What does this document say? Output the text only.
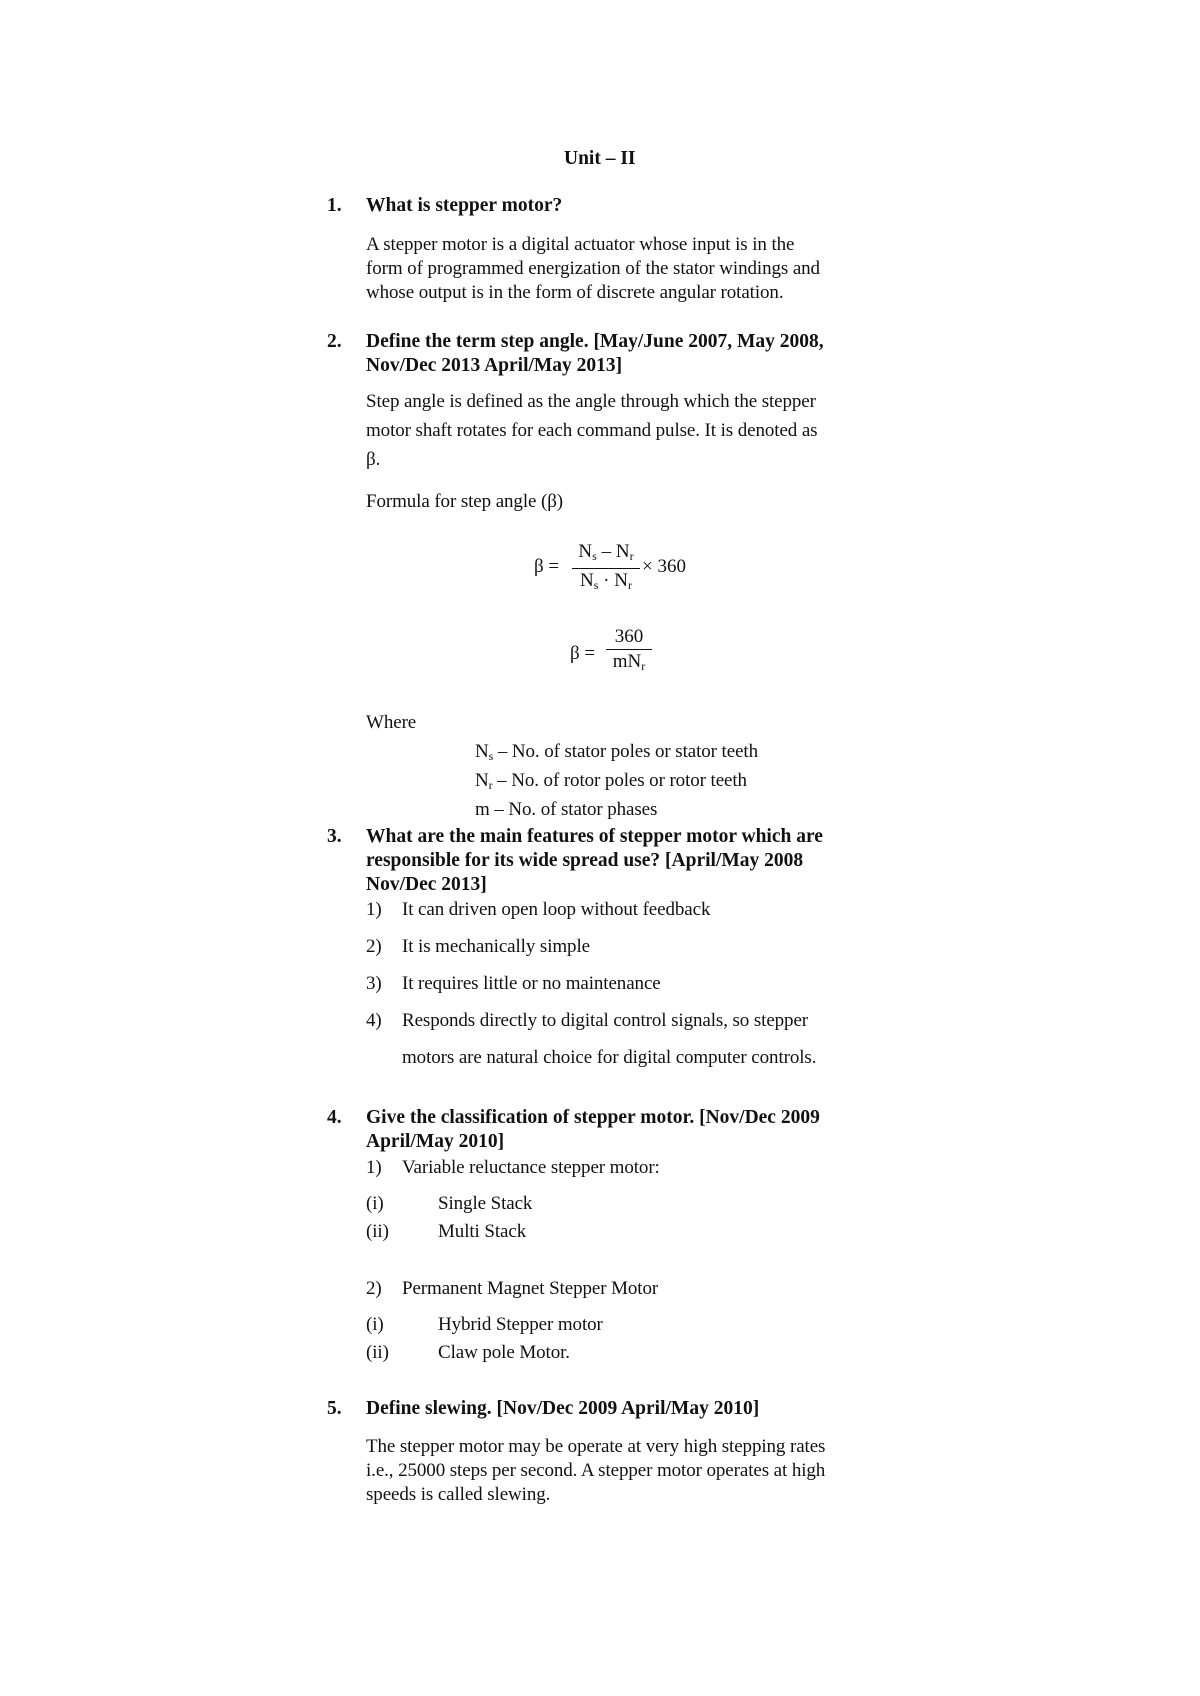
Unit – II
1. What is stepper motor?
A stepper motor is a digital actuator whose input is in the
form of programmed energization of the stator windings and
whose output is in the form of discrete angular rotation.
2. Define the term step angle. [May/June 2007, May 2008,
Nov/Dec 2013 April/May 2013]
Step angle is defined as the angle through which the stepper
motor shaft rotates for each command pulse. It is denoted as
β.
Formula for step angle (β)
β =
$N_s - N_r$
$N_s \cdot N_r$
× 360
β =
360
$mN_r$
Where
$N_s$ – No. of stator poles or stator teeth
$N_r$ – No. of rotor poles or rotor teeth
m – No. of stator phases
3. What are the main features of stepper motor which are
responsible for its wide spread use? [April/May 2008
Nov/Dec 2013]
1) It can driven open loop without feedback
2) It is mechanically simple
3) It requires little or no maintenance
4) Responds directly to digital control signals, so stepper
motors are natural choice for digital computer controls.
4. Give the classification of stepper motor. [Nov/Dec 2009
April/May 2010]
1) Variable reluctance stepper motor:
(i)	Single Stack
(ii)	Multi Stack
2) Permanent Magnet Stepper Motor
(i)	Hybrid Stepper motor
(ii)	Claw pole Motor.
5. Define slewing. [Nov/Dec 2009 April/May 2010]
The stepper motor may be operate at very high stepping rates
i.e., 25000 steps per second. A stepper motor operates at high
speeds is called slewing.
